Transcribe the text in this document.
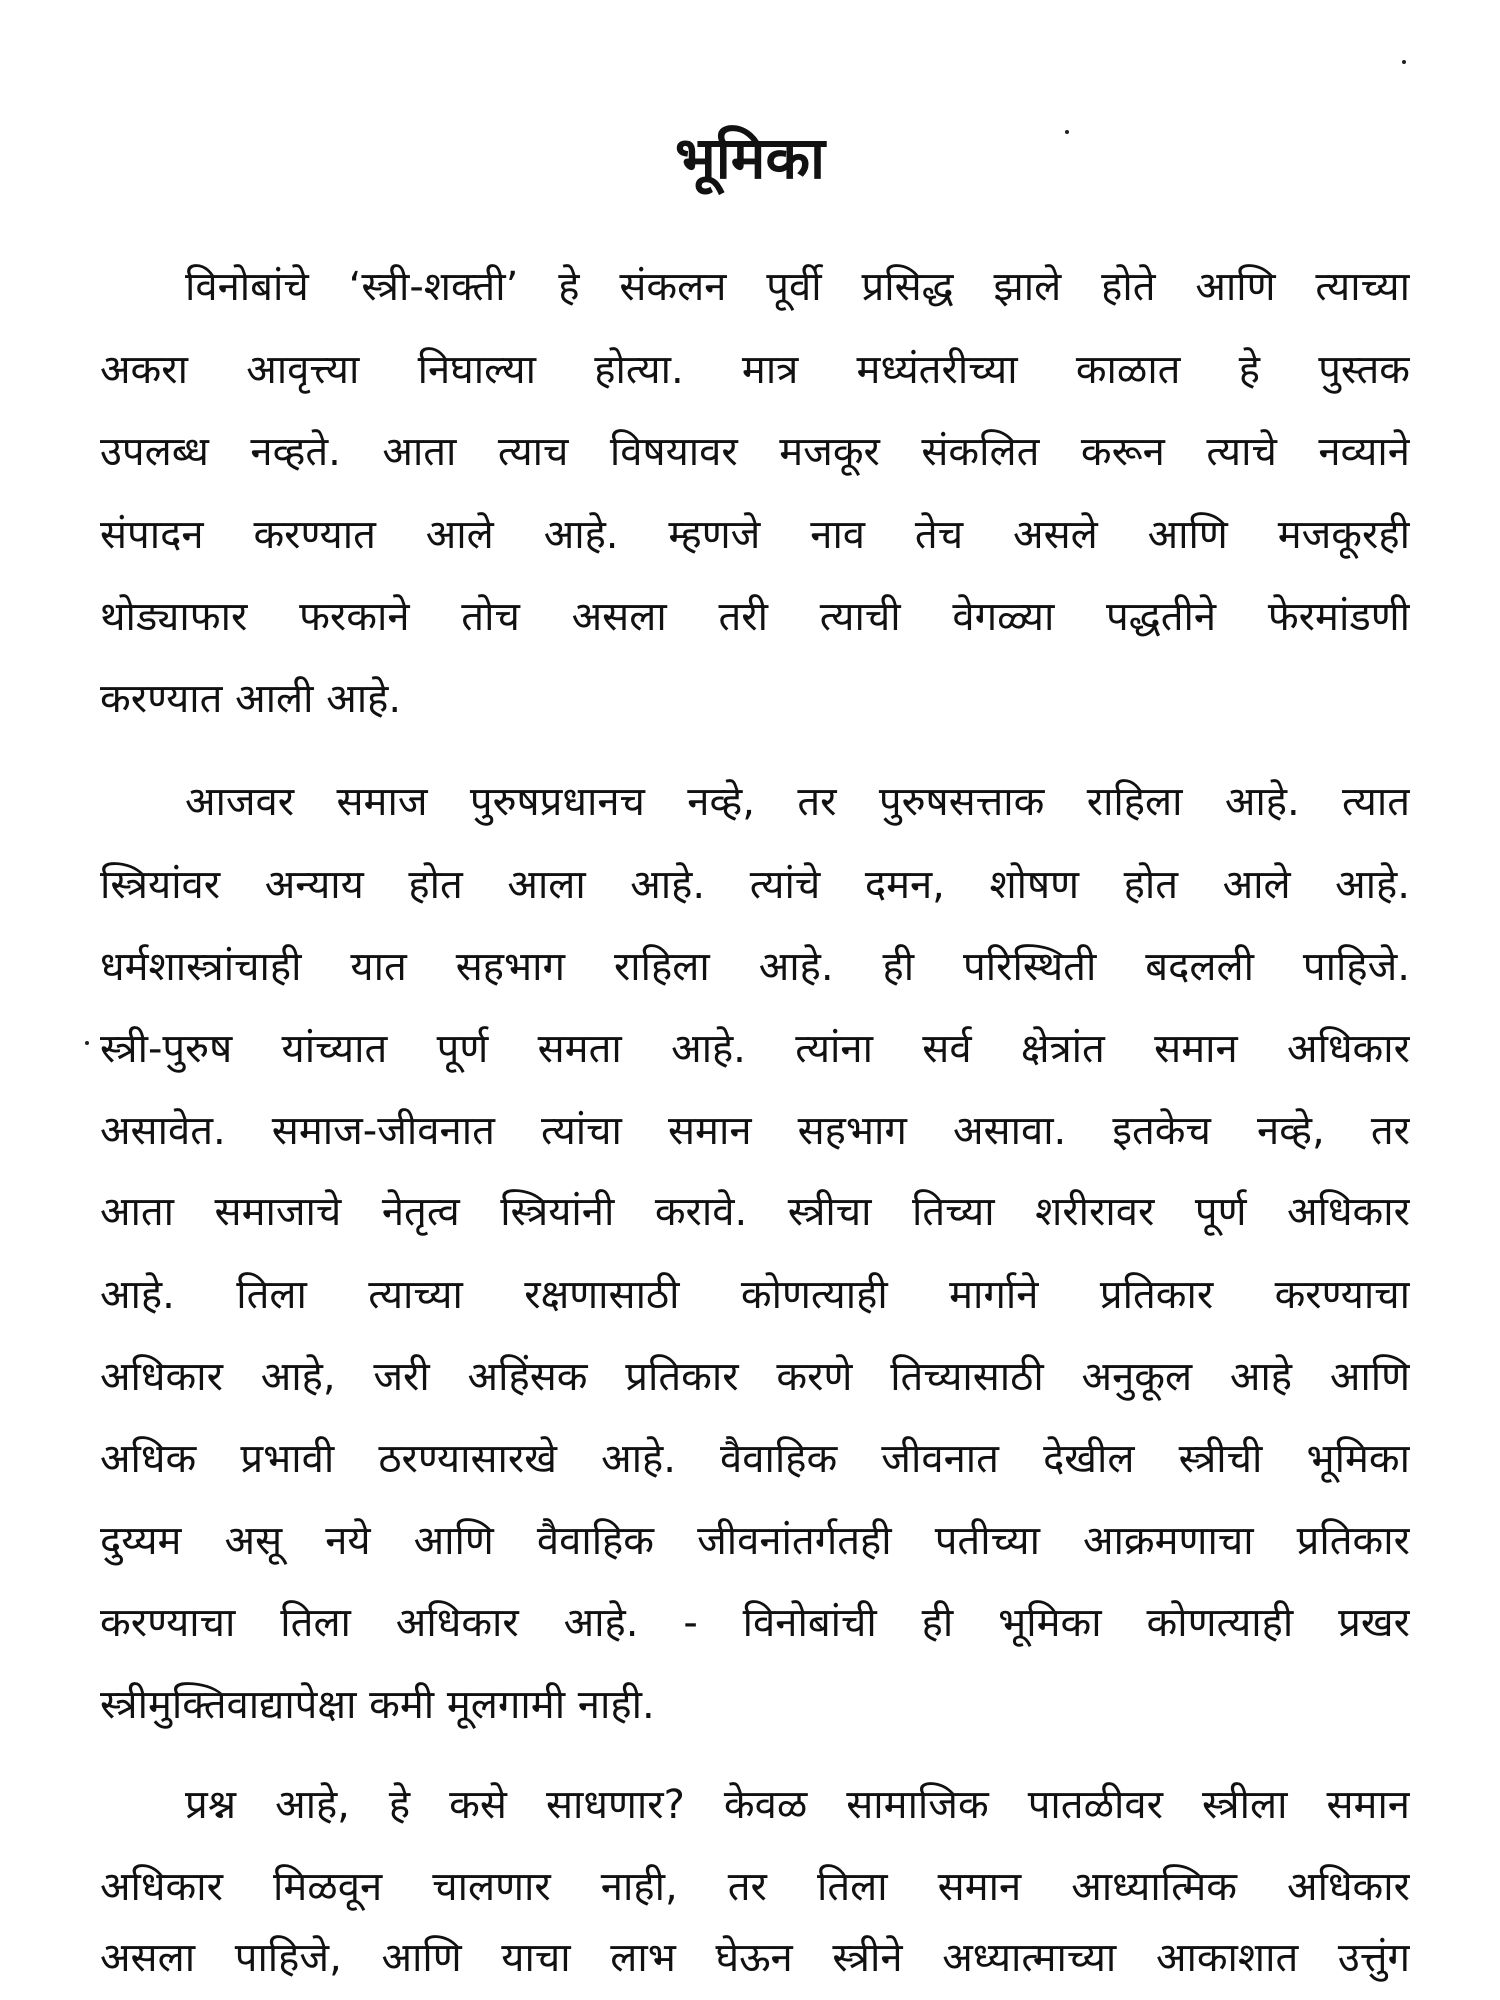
भूमिका
विनोबांचे ‘स्त्री-शक्ती’ हे संकलन पूर्वी प्रसिद्ध झाले होते आणि त्याच्या
अकरा आवृत्त्या निघाल्या होत्या. मात्र मध्यंतरीच्या काळात हे पुस्तक
उपलब्ध नव्हते. आता त्याच विषयावर मजकूर संकलित करून त्याचे नव्याने
संपादन करण्यात आले आहे. म्हणजे नाव तेच असले आणि मजकूरही
थोड्याफार फरकाने तोच असला तरी त्याची वेगळ्या पद्धतीने फेरमांडणी
करण्यात आली आहे.
आजवर समाज पुरुषप्रधानच नव्हे, तर पुरुषसत्ताक राहिला आहे. त्यात
स्त्रियांवर अन्याय होत आला आहे. त्यांचे दमन, शोषण होत आले आहे.
धर्मशास्त्रांचाही यात सहभाग राहिला आहे. ही परिस्थिती बदलली पाहिजे.
स्त्री-पुरुष यांच्यात पूर्ण समता आहे. त्यांना सर्व क्षेत्रांत समान अधिकार
असावेत. समाज-जीवनात त्यांचा समान सहभाग असावा. इतकेच नव्हे, तर
आता समाजाचे नेतृत्व स्त्रियांनी करावे. स्त्रीचा तिच्या शरीरावर पूर्ण अधिकार
आहे. तिला त्याच्या रक्षणासाठी कोणत्याही मार्गाने प्रतिकार करण्याचा
अधिकार आहे, जरी अहिंसक प्रतिकार करणे तिच्यासाठी अनुकूल आहे आणि
अधिक प्रभावी ठरण्यासारखे आहे. वैवाहिक जीवनात देखील स्त्रीची भूमिका
दुय्यम असू नये आणि वैवाहिक जीवनांतर्गतही पतीच्या आक्रमणाचा प्रतिकार
करण्याचा तिला अधिकार आहे. - विनोबांची ही भूमिका कोणत्याही प्रखर
स्त्रीमुक्तिवाद्यापेक्षा कमी मूलगामी नाही.
प्रश्न आहे, हे कसे साधणार? केवळ सामाजिक पातळीवर स्त्रीला समान
अधिकार मिळवून चालणार नाही, तर तिला समान आध्यात्मिक अधिकार
असला पाहिजे, आणि याचा लाभ घेऊन स्त्रीने अध्यात्माच्या आकाशात उत्तुंग
